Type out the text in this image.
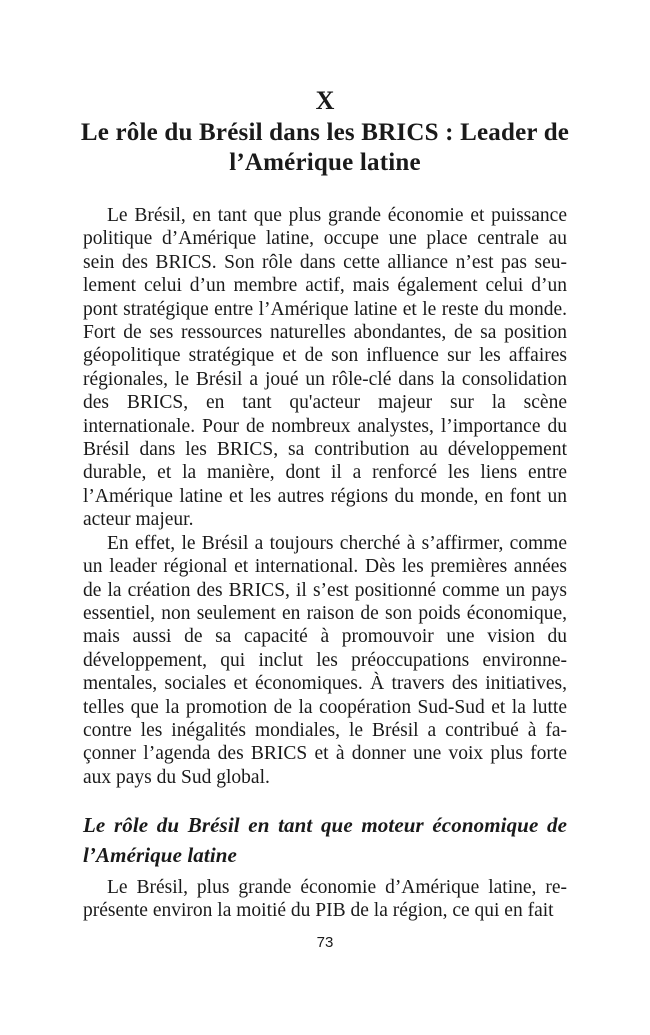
X
Le rôle du Brésil dans les BRICS : Leader de l’Amérique latine

Le Brésil, en tant que plus grande économie et puissance politique d’Amérique latine, occupe une place centrale au sein des BRICS. Son rôle dans cette alliance n’est pas seulement celui d’un membre actif, mais également celui d’un pont stratégique entre l’Amérique latine et le reste du monde. Fort de ses ressources naturelles abondantes, de sa position géopolitique stratégique et de son influence sur les affaires régionales, le Brésil a joué un rôle-clé dans la consolidation des BRICS, en tant qu'acteur majeur sur la scène internationale. Pour de nombreux analystes, l’importance du Brésil dans les BRICS, sa contribution au développement durable, et la manière, dont il a renforcé les liens entre l’Amérique latine et les autres régions du monde, en font un acteur majeur.

En effet, le Brésil a toujours cherché à s’affirmer, comme un leader régional et international. Dès les premières années de la création des BRICS, il s’est positionné comme un pays essentiel, non seulement en raison de son poids économique, mais aussi de sa capacité à promouvoir une vision du développement, qui inclut les préoccupations environnementales, sociales et économiques. À travers des initiatives, telles que la promotion de la coopération Sud-Sud et la lutte contre les inégalités mondiales, le Brésil a contribué à façonner l’agenda des BRICS et à donner une voix plus forte aux pays du Sud global.

Le rôle du Brésil en tant que moteur économique de l’Amérique latine

Le Brésil, plus grande économie d’Amérique latine, représente environ la moitié du PIB de la région, ce qui en fait

73
